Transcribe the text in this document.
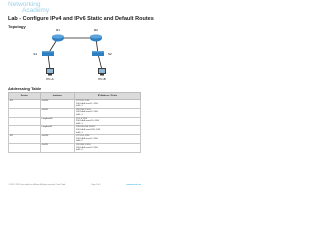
Networking
Academy
Lab - Configure IPv4 and IPv6 Static and Default Routes
Topology
R1	R2
S1	S2
PC-A	PC-B
Addressing Table
Device	Interface	IP Address / Prefix
R1	G0/0/0	172.16.1.1/24
2001:db8:acad:1::1/64
fe80::1

	G0/0/1	192.168.1.1/24
2001:db8:acad:2::1/64
fe80::1

	Loopback0	10.1.0.1/24
2001:db8:acad:10::1/64
fe80::1

	Loopback1	209.165.200.225/27
2001:db8:acad:209::1/64
fe80::1

R2	G0/0/0	172.16.1.2/24
2001:db8:acad:1::2/64
fe80::2

	G0/0/1	192.168.1.2/24
2001:db8:acad:2::2/64
fe80::2
© 2013 - 2020 Cisco and/or its affiliates. All rights reserved. Cisco Public	Page 1 of 9	www.netacad.com
